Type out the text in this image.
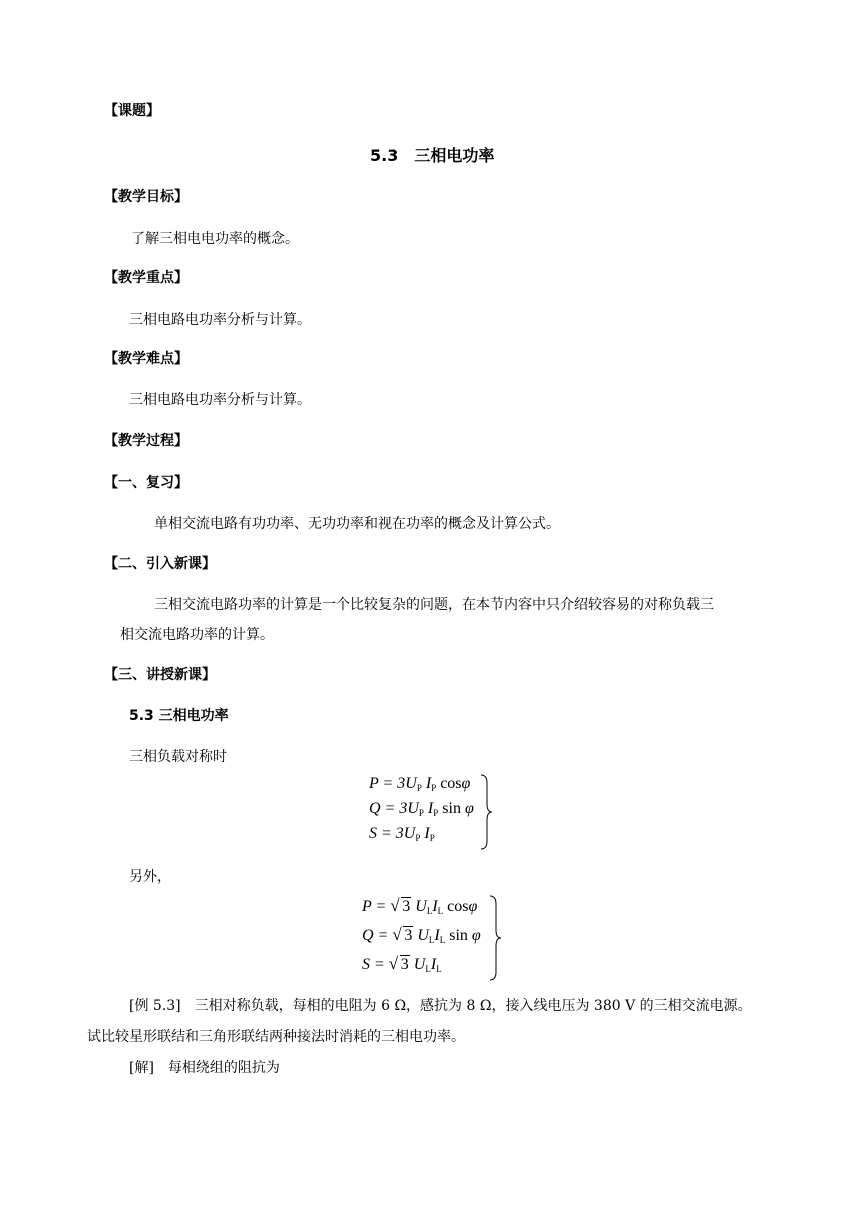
【课题】
5.3　三相电功率
【教学目标】
了解三相电电功率的概念。
【教学重点】
三相电路电功率分析与计算。
【教学难点】
三相电路电功率分析与计算。
【教学过程】
【一、复习】
单相交流电路有功功率、无功功率和视在功率的概念及计算公式。
【二、引入新课】
三相交流电路功率的计算是一个比较复杂的问题，在本节内容中只介绍较容易的对称负载三
相交流电路功率的计算。
【三、讲授新课】
5.3 三相电功率
三相负载对称时
$P = 3U_P$ $I_P$ cosφ
$Q = 3U_P$ $I_P$ sin φ
$S = 3U_P$ $I_P$
另外，
P = √ 3 $U_LI_L$ cosφ
Q = √ 3 $U_LI_L$ sin φ
S = √ 3 $U_LI_L$
[例 5.3]　三相对称负载，每相的电阻为 6 Ω，感抗为 8 Ω，接入线电压为 380 V 的三相交流电源。
试比较星形联结和三角形联结两种接法时消耗的三相电功率。
[解]　每相绕组的阻抗为
